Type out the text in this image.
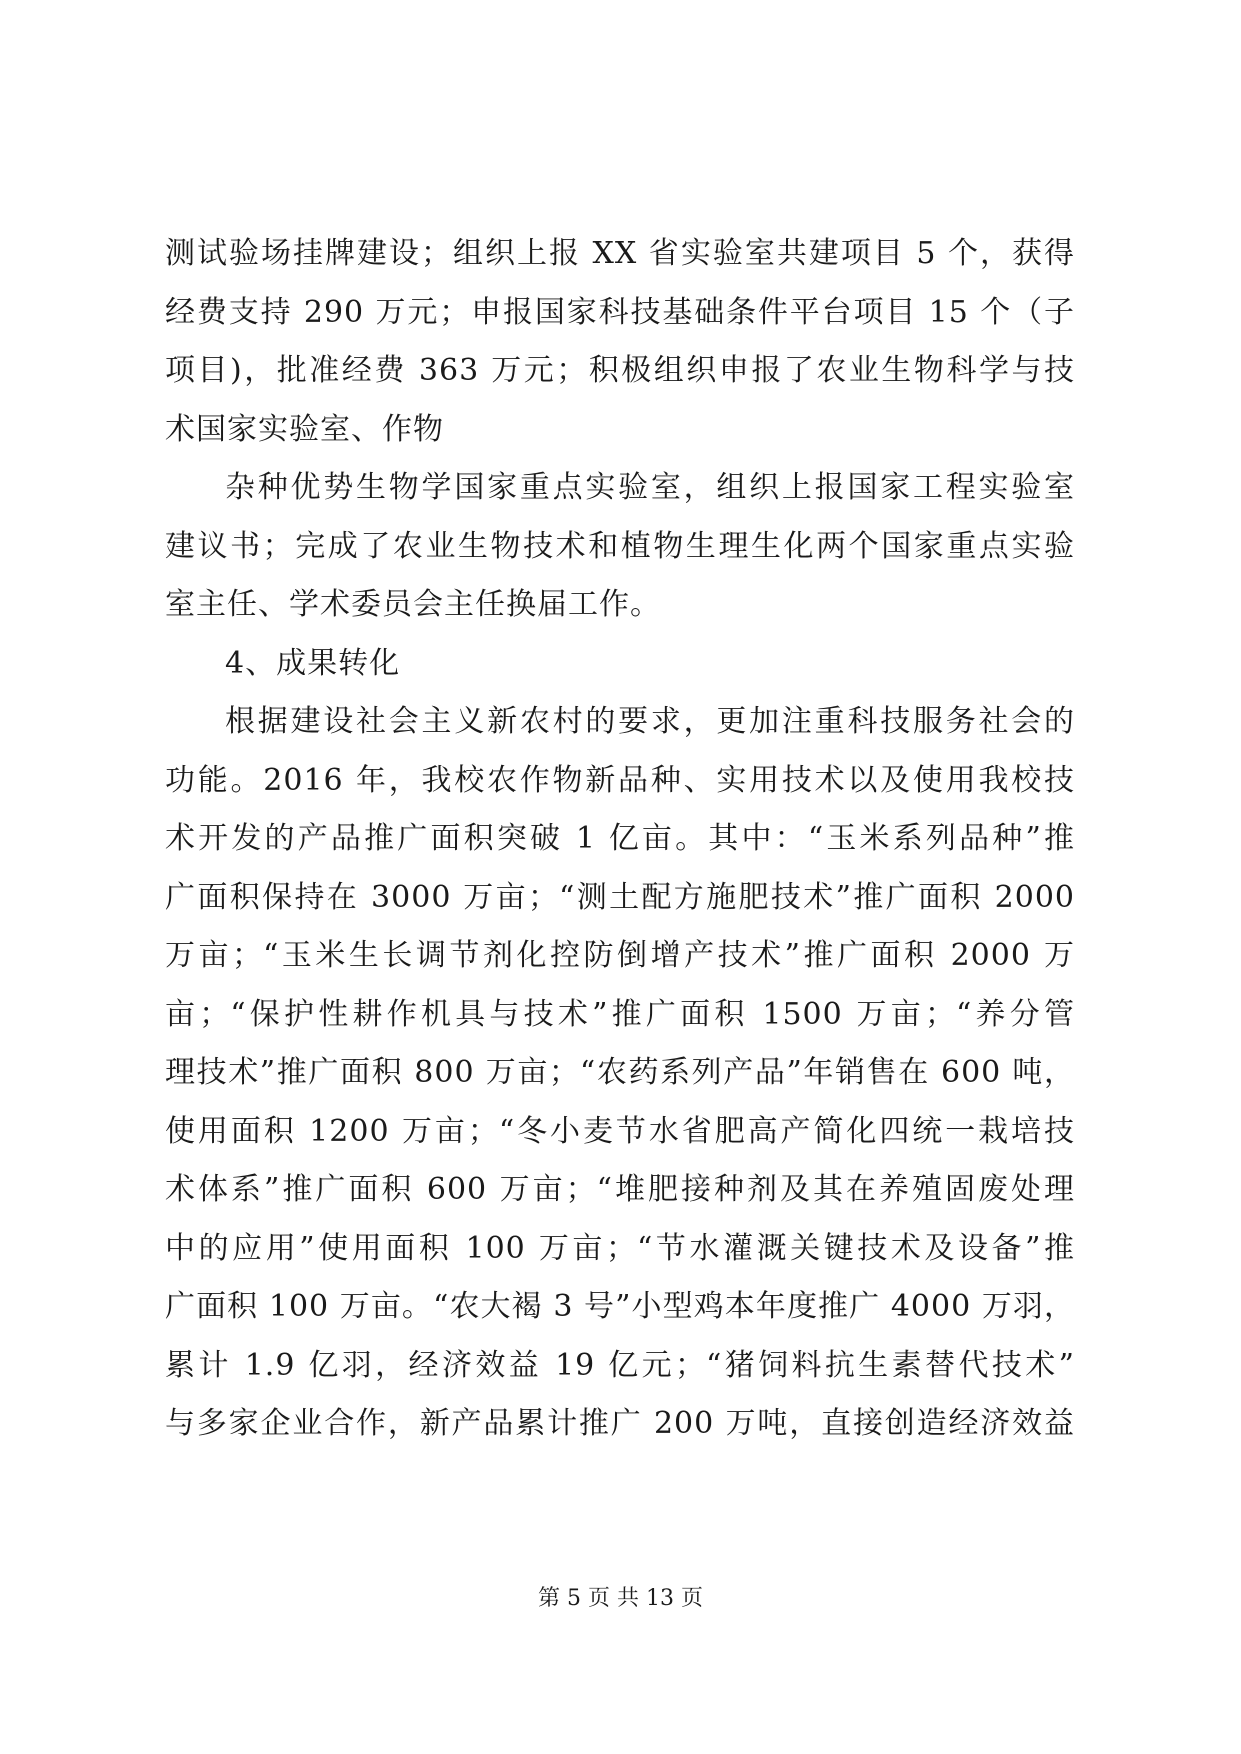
测试验场挂牌建设；组织上报 XX 省实验室共建项目 5 个，获得
经费支持 290 万元；申报国家科技基础条件平台项目 15 个（子
项目)，批准经费 363 万元；积极组织申报了农业生物科学与技
术国家实验室、作物
杂种优势生物学国家重点实验室，组织上报国家工程实验室
建议书；完成了农业生物技术和植物生理生化两个国家重点实验
室主任、学术委员会主任换届工作。
4、成果转化
根据建设社会主义新农村的要求，更加注重科技服务社会的
功能。2016 年，我校农作物新品种、实用技术以及使用我校技
术开发的产品推广面积突破 1 亿亩。其中：“玉米系列品种”推
广面积保持在 3000 万亩；“测土配方施肥技术”推广面积 2000
万亩；“玉米生长调节剂化控防倒增产技术”推广面积 2000 万
亩；“保护性耕作机具与技术”推广面积 1500 万亩；“养分管
理技术”推广面积 800 万亩；“农药系列产品”年销售在 600 吨，
使用面积 1200 万亩；“冬小麦节水省肥高产简化四统一栽培技
术体系”推广面积 600 万亩；“堆肥接种剂及其在养殖固废处理
中的应用”使用面积 100 万亩；“节水灌溉关键技术及设备”推
广面积 100 万亩。“农大褐 3 号”小型鸡本年度推广 4000 万羽，
累计 1.9 亿羽，经济效益 19 亿元；“猪饲料抗生素替代技术”
与多家企业合作，新产品累计推广 200 万吨，直接创造经济效益
第 5 页 共 13 页
